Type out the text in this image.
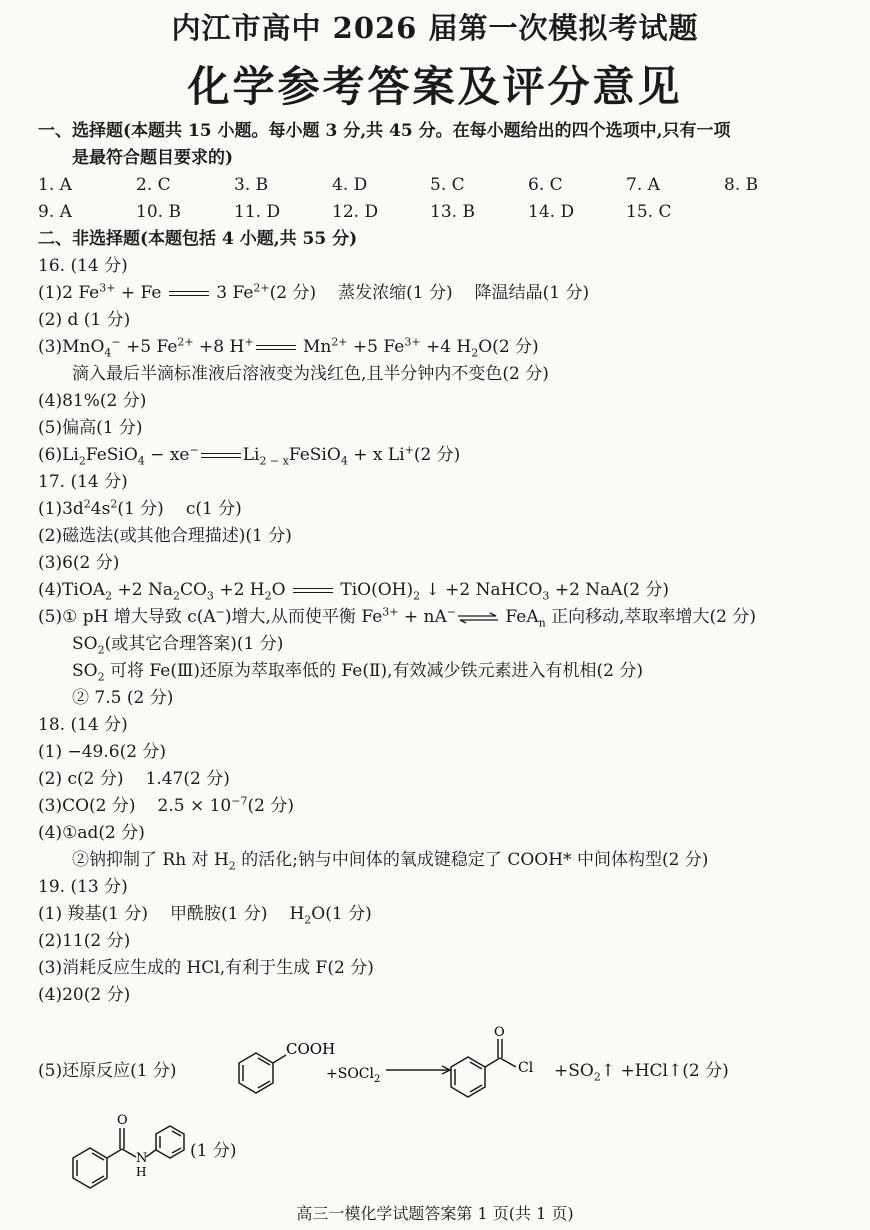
内江市高中 2026 届第一次模拟考试题
化学参考答案及评分意见
一、选择题(本题共 15 小题。每小题 3 分,共 45 分。在每小题给出的四个选项中,只有一项
是最符合题目要求的)
1. A	2. C	3. B	4. D	5. C	6. C	7. A	8. B
9. A	10. B	11. D	12. D	13. B	14. D	15. C
二、非选择题(本题包括 4 小题,共 55 分)
16. (14 分)
(1)2 $Fe^{3+} + Fe$	3 $Fe^{2+}(2$ 分) 蒸发浓缩(1 分) 降温结晶(1 分)
(2) d (1 分)
(3)MnO$_4$− +5 $Fe^{2+} +8$ H+	$Mn^{2+} +5$ $Fe^{3+} +4$ $H_2O(2$ 分)
滴入最后半滴标准液后溶液变为浅红色,且半分钟内不变色(2 分)
(4)81%(2 分)
(5)偏高(1 分)
$(6)Li_2FeSiO_4 - xe^-$	$Li_{2 - x}FeSiO_4 + x$ Li+(2 分)
17. (14 分)
$(1)3d^24s^2(1$ 分) c(1 分)
(2)磁选法(或其他合理描述)(1 分)
(3)6(2 分)
(4)TiOA$_2$ +2 $Na_2CO_3 +2$ $H_2O$	$TiO(OH)_2$ ↓ +2 NaHCO$_3$ +2 NaA(2 分)
(5)① pH 增大导致 c(A−)增大,从而使平衡 $Fe^{3+}$ + nA−⇌ FeA$_n$ 正向移动,萃取率增大(2 分)
$SO_2$(或其它合理答案)(1 分)
$SO_2$ 可将 Fe(Ⅲ)还原为萃取率低的 Fe(Ⅱ),有效减少铁元素进入有机相(2 分)
② 7.5 (2 分)
18. (14 分)
(1) −49.6(2 分)
(2) c(2 分) 1.47(2 分)
(3)CO(2 分) $2.5 \times 10^{-7}(2$ 分)
(4)①ad(2 分)
②钠抑制了 Rh 对 $H_2$ 的活化;钠与中间体的氧成键稳定了 COOH* 中间体构型(2 分)
19. (13 分)
(1) 羧基(1 分) 甲酰胺(1 分) $H_2O(1$ 分)
(2)11(2 分)
(3)消耗反应生成的 HCl,有利于生成 F(2 分)
(4)20(2 分)
(5)还原反应(1 分)
COOH
+SOCl$_2$
O
$Cl +SO_2↑$ +HCl↑(2 分)
O
N
H
(1 分)
高三一模化学试题答案第 1 页(共 1 页)
